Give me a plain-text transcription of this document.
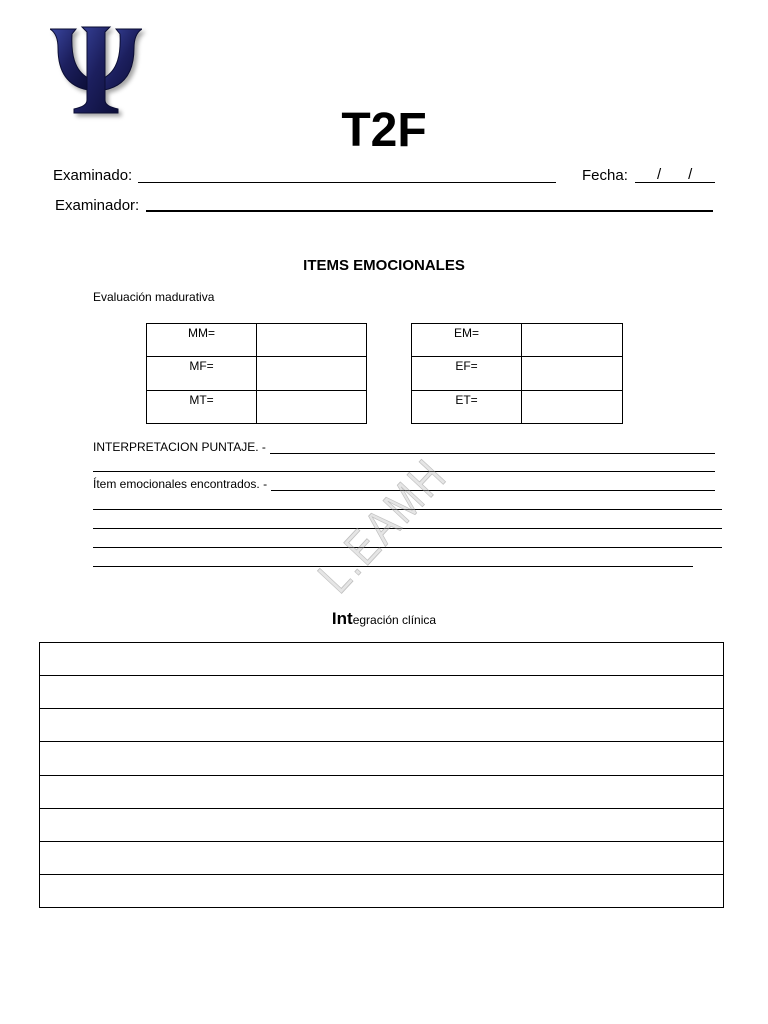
T2F
Examinado:	Fecha: / /
Examinador:
ITEMS EMOCIONALES
Evaluación madurativa
MM=
MF=
MT=
EM=
EF=
ET=
INTERPRETACION PUNTAJE. -
Ítem emocionales encontrados. - L.EAMH
Integración clínica
